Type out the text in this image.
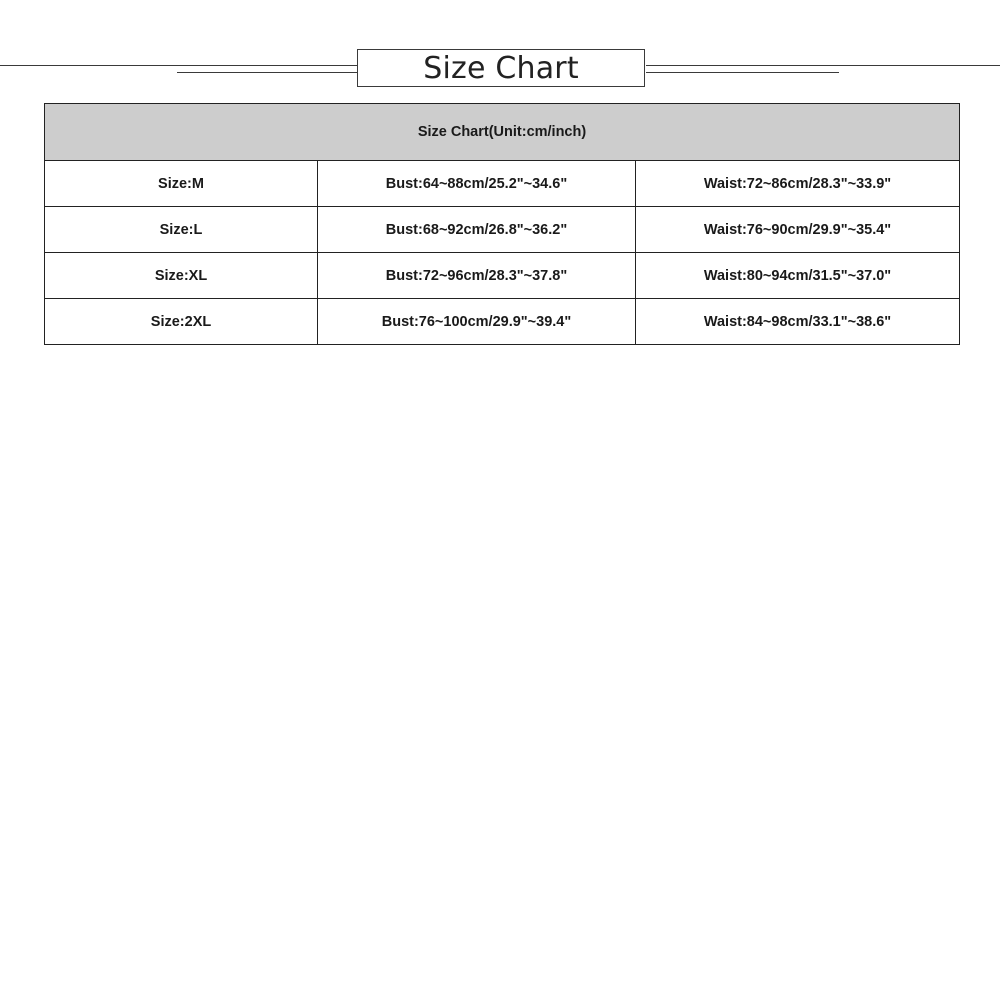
Size Chart
Size Chart(Unit:cm/inch)		
Size:M	Bust:64~88cm/25.2"~34.6"	Waist:72~86cm/28.3"~33.9"
Size:L	Bust:68~92cm/26.8"~36.2"	Waist:76~90cm/29.9"~35.4"
Size:XL	Bust:72~96cm/28.3"~37.8"	Waist:80~94cm/31.5"~37.0"
Size:2XL	Bust:76~100cm/29.9"~39.4"	Waist:84~98cm/33.1"~38.6"
